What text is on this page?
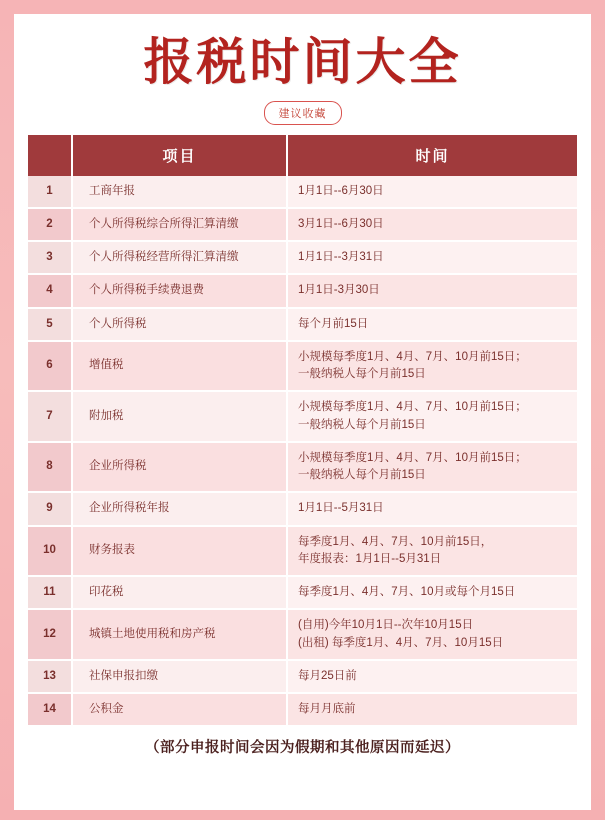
报税时间大全
建议收藏
	项目	时间
1	工商年报	1月1日--6月30日

2	个人所得税综合所得汇算清缴	3月1日--6月30日

3	个人所得税经营所得汇算清缴	1月1日--3月31日

4	个人所得税手续费退费	1月1日-3月30日

5	个人所得税	每个月前15日

6	增值税	小规模每季度1月、4月、7月、10月前15日；
一般纳税人每个月前15日

7	附加税	小规模每季度1月、4月、7月、10月前15日；
一般纳税人每个月前15日

8	企业所得税	小规模每季度1月、4月、7月、10月前15日；
一般纳税人每个月前15日

9	企业所得税年报	1月1日--5月31日

10	财务报表	每季度1月、4月、7月、10月前15日，
年度报表：1月1日--5月31日

11	印花税	每季度1月、4月、7月、10月或每个月15日

12	城镇土地使用税和房产税	(自用)今年10月1日--次年10月15日
(出租) 每季度1月、4月、7月、10月15日

13	社保申报扣缴	每月25日前

14	公积金	每月月底前
（部分申报时间会因为假期和其他原因而延迟）
